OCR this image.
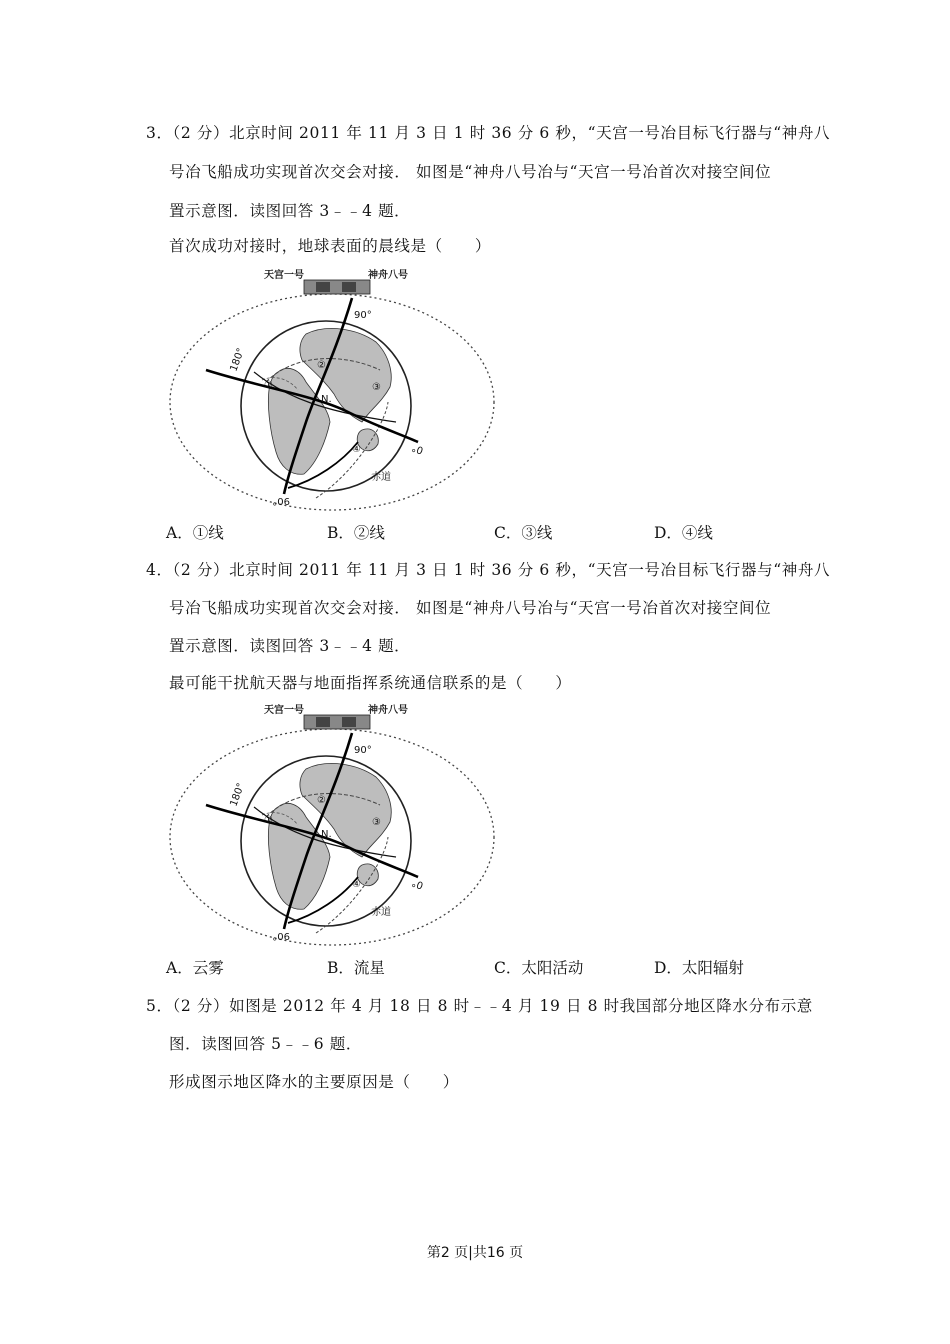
3．（2 分）北京时间 2011 年 11 月 3 日 1 时 36 分 6 秒，“天宫一号冶目标飞行器与“神舟八
号冶飞船成功实现首次交会对接． 如图是“神舟八号冶与“天宫一号冶首次对接空间位
置示意图．读图回答 3﹣﹣4 题．
首次成功对接时，地球表面的晨线是（　　）
天宫一号	神舟八号
90°
180°
0°
90°
N.
赤道
①
②
③
④
A．①线	B．②线	C．③线	D．④线
4．（2 分）北京时间 2011 年 11 月 3 日 1 时 36 分 6 秒，“天宫一号冶目标飞行器与“神舟八
号冶飞船成功实现首次交会对接． 如图是“神舟八号冶与“天宫一号冶首次对接空间位
置示意图．读图回答 3﹣﹣4 题．
最可能干扰航天器与地面指挥系统通信联系的是（　　）
天宫一号	神舟八号
90°
180°
0°
90°
N.
赤道
①
②
③
④
A．云雾	B．流星	C．太阳活动	D．太阳辐射
5．（2 分）如图是 2012 年 4 月 18 日 8 时﹣﹣4 月 19 日 8 时我国部分地区降水分布示意
图．读图回答 5﹣﹣6 题．
形成图示地区降水的主要原因是（　　）
第2 页|共16 页
